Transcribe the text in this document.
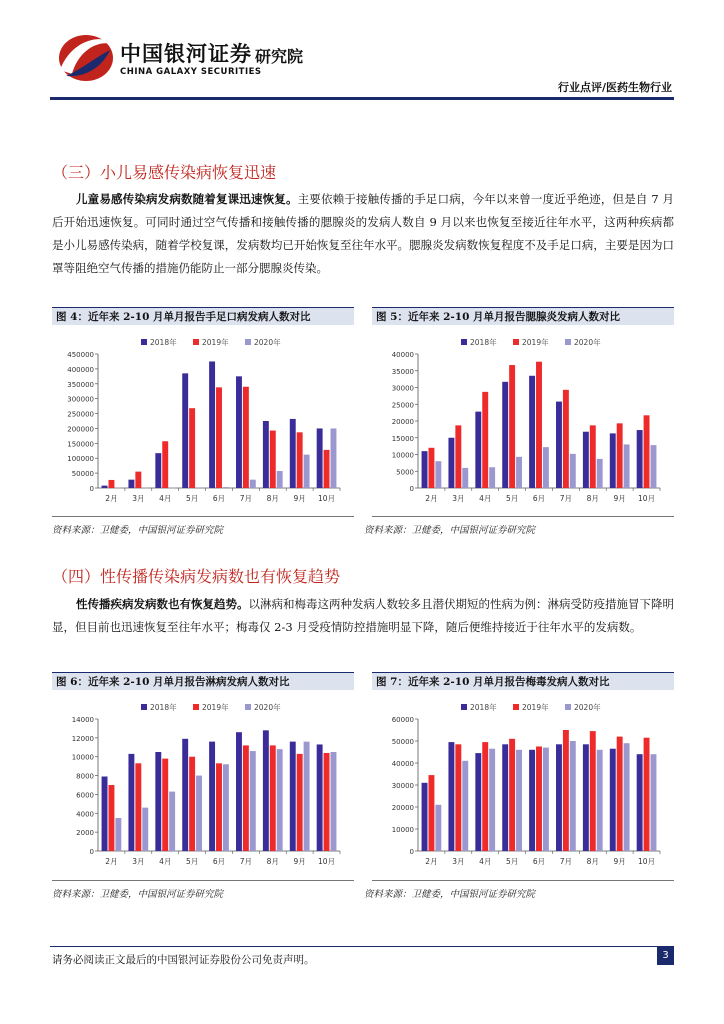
中国银河证券 研究院
CHINA GALAXY SECURITIES
行业点评/医药生物行业
（三）小儿易感传染病恢复迅速
儿童易感传染病发病数随着复课迅速恢复。主要依赖于接触传播的手足口病，今年以来曾一度近乎绝迹，但是自 7 月后开始迅速恢复。可同时通过空气传播和接触传播的腮腺炎的发病人数自 9 月以来也恢复至接近往年水平，这两种疾病都是小儿易感传染病，随着学校复课，发病数均已开始恢复至往年水平。腮腺炎发病数恢复程度不及手足口病，主要是因为口罩等阻绝空气传播的措施仍能防止一部分腮腺炎传染。
图 4：近年来 2-10 月单月报告手足口病发病人数对比	图 5：近年来 2-10 月单月报告腮腺炎发病人数对比
2018年	2019年	2020年
0
50000
100000
150000
200000
250000
300000
350000
400000
450000
2月 3月 4月 5月 6月 7月 8月 9月 10月
2018年	2019年	2020年
0
5000
10000
15000
20000
25000
30000
35000
40000
2月 3月 4月 5月 6月 7月 8月 9月 10月
资料来源：卫健委，中国银河证券研究院	资料来源：卫健委，中国银河证券研究院
（四）性传播传染病发病数也有恢复趋势
性传播疾病发病数也有恢复趋势。以淋病和梅毒这两种发病人数较多且潜伏期短的性病为例：淋病受防疫措施冒下降明显，但目前也迅速恢复至往年水平；梅毒仅 2-3 月受疫情防控措施明显下降，随后便维持接近于往年水平的发病数。
图 6：近年来 2-10 月单月报告淋病发病人数对比	图 7：近年来 2-10 月单月报告梅毒发病人数对比
2018年	2019年	2020年
0
2000
4000
6000
8000
10000
12000
14000
2月 3月 4月 5月 6月 7月 8月 9月 10月
2018年	2019年	2020年
0
10000
20000
30000
40000
50000
60000
2月 3月 4月 5月 6月 7月 8月 9月 10月
资料来源：卫健委，中国银河证券研究院	资料来源：卫健委，中国银河证券研究院
请务必阅读正文最后的中国银河证券股份公司免责声明。	3
